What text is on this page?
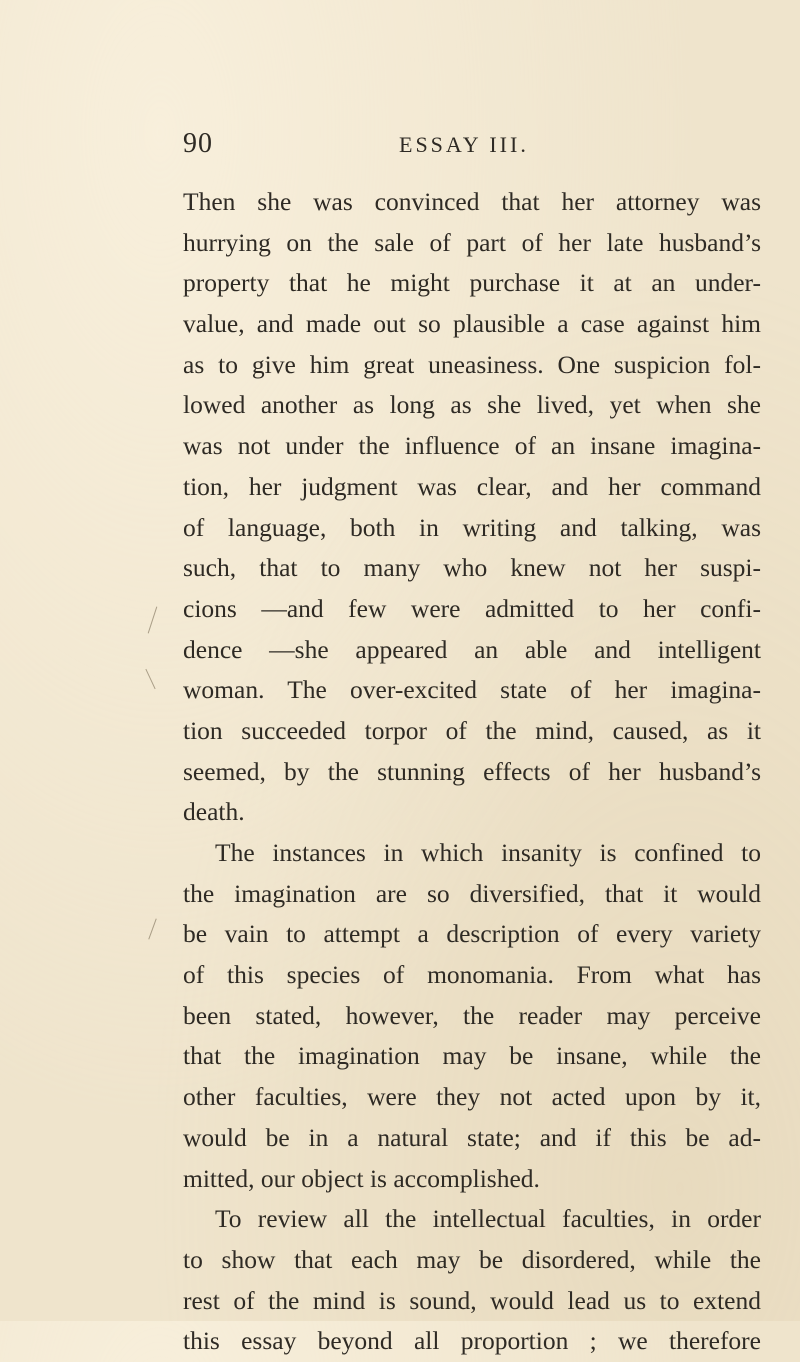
90	ESSAY III.
Then she was convinced that her attorney was
hurrying on the sale of part of her late husband’s
property that he might purchase it at an under-
value, and made out so plausible a case against him
as to give him great uneasiness. One suspicion fol-
lowed another as long as she lived, yet when she
was not under the influence of an insane imagina-
tion, her judgment was clear, and her command
of language, both in writing and talking, was
such, that to many who knew not her suspi-
cions —and few were admitted to her confi-
dence —she appeared an able and intelligent
woman. The over-excited state of her imagina-
tion succeeded torpor of the mind, caused, as it
seemed, by the stunning effects of her husband’s
death.
The instances in which insanity is confined to
the imagination are so diversified, that it would
be vain to attempt a description of every variety
of this species of monomania. From what has
been stated, however, the reader may perceive
that the imagination may be insane, while the
other faculties, were they not acted upon by it,
would be in a natural state; and if this be ad-
mitted, our object is accomplished.
To review all the intellectual faculties, in order
to show that each may be disordered, while the
rest of the mind is sound, would lead us to extend
this essay beyond all proportion ; we therefore
